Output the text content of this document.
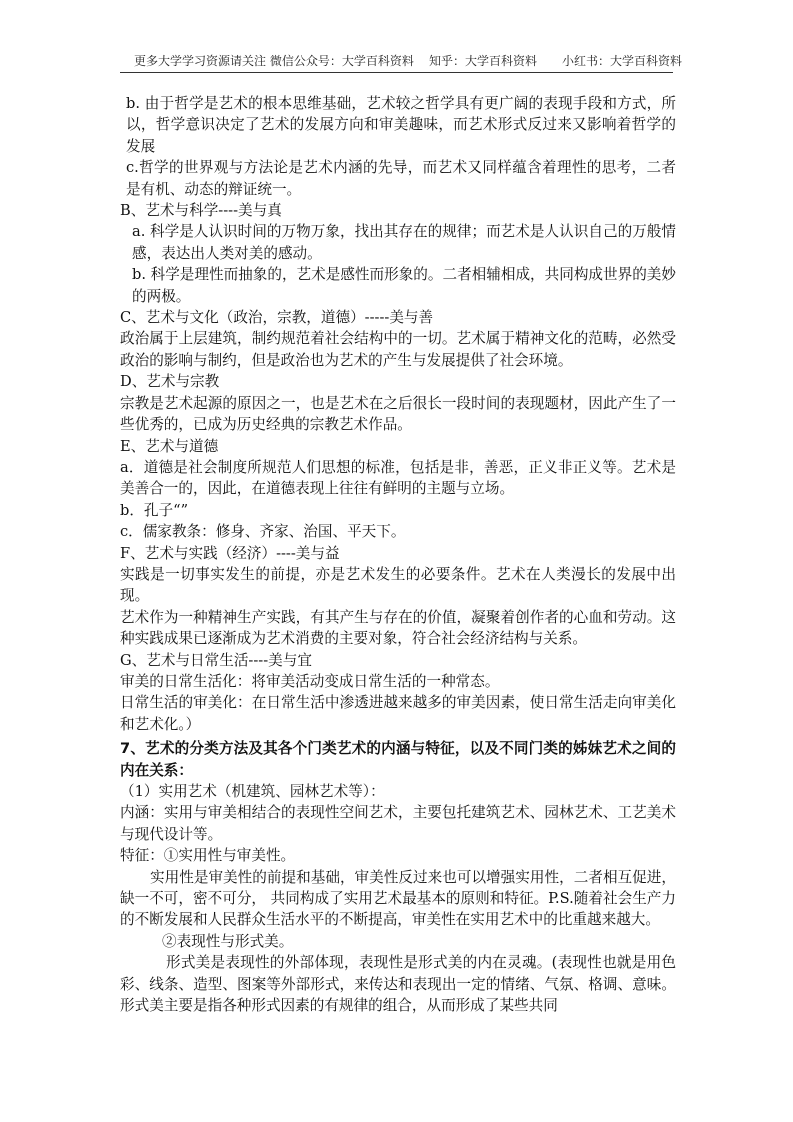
更多大学学习资源请关注 微信公众号：大学百科资料 知乎：大学百科资料 小红书：大学百科资料

b. 由于哲学是艺术的根本思维基础，艺术较之哲学具有更广阔的表现手段和方式，所以，哲学意识决定了艺术的发展方向和审美趣味，而艺术形式反过来又影响着哲学的发展

c.哲学的世界观与方法论是艺术内涵的先导，而艺术又同样蕴含着理性的思考，二者是有机、动态的辩证统一。

B、艺术与科学----美与真

a. 科学是人认识时间的万物万象，找出其存在的规律；而艺术是人认识自己的万般情感，表达出人类对美的感动。

b. 科学是理性而抽象的，艺术是感性而形象的。二者相辅相成，共同构成世界的美妙的两极。

C、艺术与文化（政治，宗教，道德）-----美与善

政治属于上层建筑，制约规范着社会结构中的一切。艺术属于精神文化的范畴，必然受政治的影响与制约，但是政治也为艺术的产生与发展提供了社会环境。

D、艺术与宗教

宗教是艺术起源的原因之一，也是艺术在之后很长一段时间的表现题材，因此产生了一些优秀的，已成为历史经典的宗教艺术作品。

E、艺术与道德

a．道德是社会制度所规范人们思想的标准，包括是非，善恶，正义非正义等。艺术是美善合一的，因此，在道德表现上往往有鲜明的主题与立场。

b．孔子“”

c．儒家教条：修身、齐家、治国、平天下。

F、艺术与实践（经济）----美与益

实践是一切事实发生的前提，亦是艺术发生的必要条件。艺术在人类漫长的发展中出现。

艺术作为一种精神生产实践，有其产生与存在的价值，凝聚着创作者的心血和劳动。这种实践成果已逐渐成为艺术消费的主要对象，符合社会经济结构与关系。

G、艺术与日常生活----美与宜

审美的日常生活化：将审美活动变成日常生活的一种常态。

日常生活的审美化：在日常生活中渗透进越来越多的审美因素，使日常生活走向审美化和艺术化。）

7、艺术的分类方法及其各个门类艺术的内涵与特征，以及不同门类的姊妹艺术之间的内在关系：

（1）实用艺术（机建筑、园林艺术等）：

内涵：实用与审美相结合的表现性空间艺术，主要包托建筑艺术、园林艺术、工艺美术与现代设计等。

特征：①实用性与审美性。

实用性是审美性的前提和基础，审美性反过来也可以增强实用性，二者相互促进，缺一不可，密不可分， 共同构成了实用艺术最基本的原则和特征。P.S.随着社会生产力的不断发展和人民群众生活水平的不断提高，审美性在实用艺术中的比重越来越大。

②表现性与形式美。

形式美是表现性的外部体现，表现性是形式美的内在灵魂。(表现性也就是用色彩、线条、造型、图案等外部形式，来传达和表现出一定的情绪、气氛、格调、意味。形式美主要是指各种形式因素的有规律的组合，从而形成了某些共同
